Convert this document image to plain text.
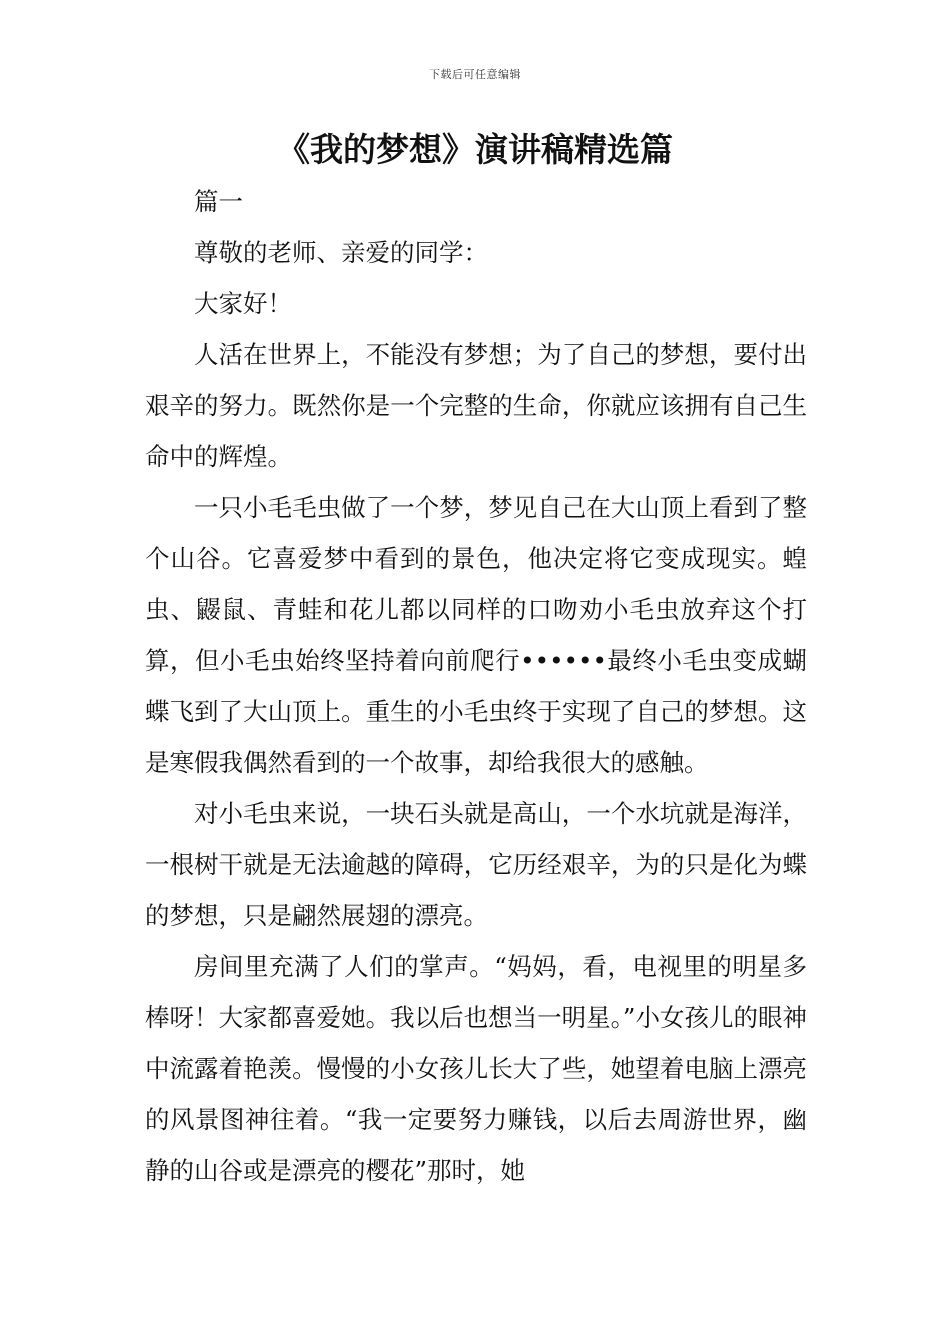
下载后可任意编辑
《我的梦想》演讲稿精选篇

篇一

尊敬的老师、亲爱的同学：

大家好！

人活在世界上，不能没有梦想；为了自己的梦想，要付出艰辛的努力。既然你是一个完整的生命，你就应该拥有自己生命中的辉煌。

一只小毛毛虫做了一个梦，梦见自己在大山顶上看到了整个山谷。它喜爱梦中看到的景色，他决定将它变成现实。蝗虫、鼹鼠、青蛙和花儿都以同样的口吻劝小毛虫放弃这个打算，但小毛虫始终坚持着向前爬行••••••最终小毛虫变成蝴蝶飞到了大山顶上。重生的小毛虫终于实现了自己的梦想。这是寒假我偶然看到的一个故事，却给我很大的感触。

对小毛虫来说，一块石头就是高山，一个水坑就是海洋，一根树干就是无法逾越的障碍，它历经艰辛，为的只是化为蝶的梦想，只是翩然展翅的漂亮。

房间里充满了人们的掌声。“妈妈，看，电视里的明星多棒呀！大家都喜爱她。我以后也想当一明星。”小女孩儿的眼神中流露着艳羡。慢慢的小女孩儿长大了些，她望着电脑上漂亮的风景图神往着。“我一定要努力赚钱，以后去周游世界，幽静的山谷或是漂亮的樱花”那时，她
